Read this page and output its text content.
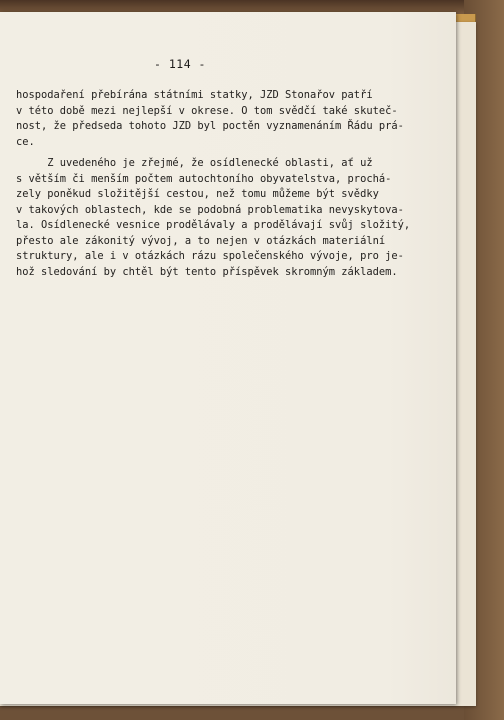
- 114 -
hospodaření přebírána státními statky, JZD Stonařov patří
v této době mezi nejlepší v okrese. O tom svědčí také skuteč-
nost, že předseda tohoto JZD byl poctěn vyznamenáním Řádu prá-
ce.
Z uvedeného je zřejmé, že osídlenecké oblasti, ať už
s větším či menším počtem autochtoního obyvatelstva, prochá-
zely poněkud složitější cestou, než tomu můžeme být svědky
v takových oblastech, kde se podobná problematika nevyskytova-
la. Osídlenecké vesnice prodělávaly a prodělávají svůj složitý,
přesto ale zákonitý vývoj, a to nejen v otázkách materiální
struktury, ale i v otázkách rázu společenského vývoje, pro je-
hož sledování by chtěl být tento příspěvek skromným základem.
